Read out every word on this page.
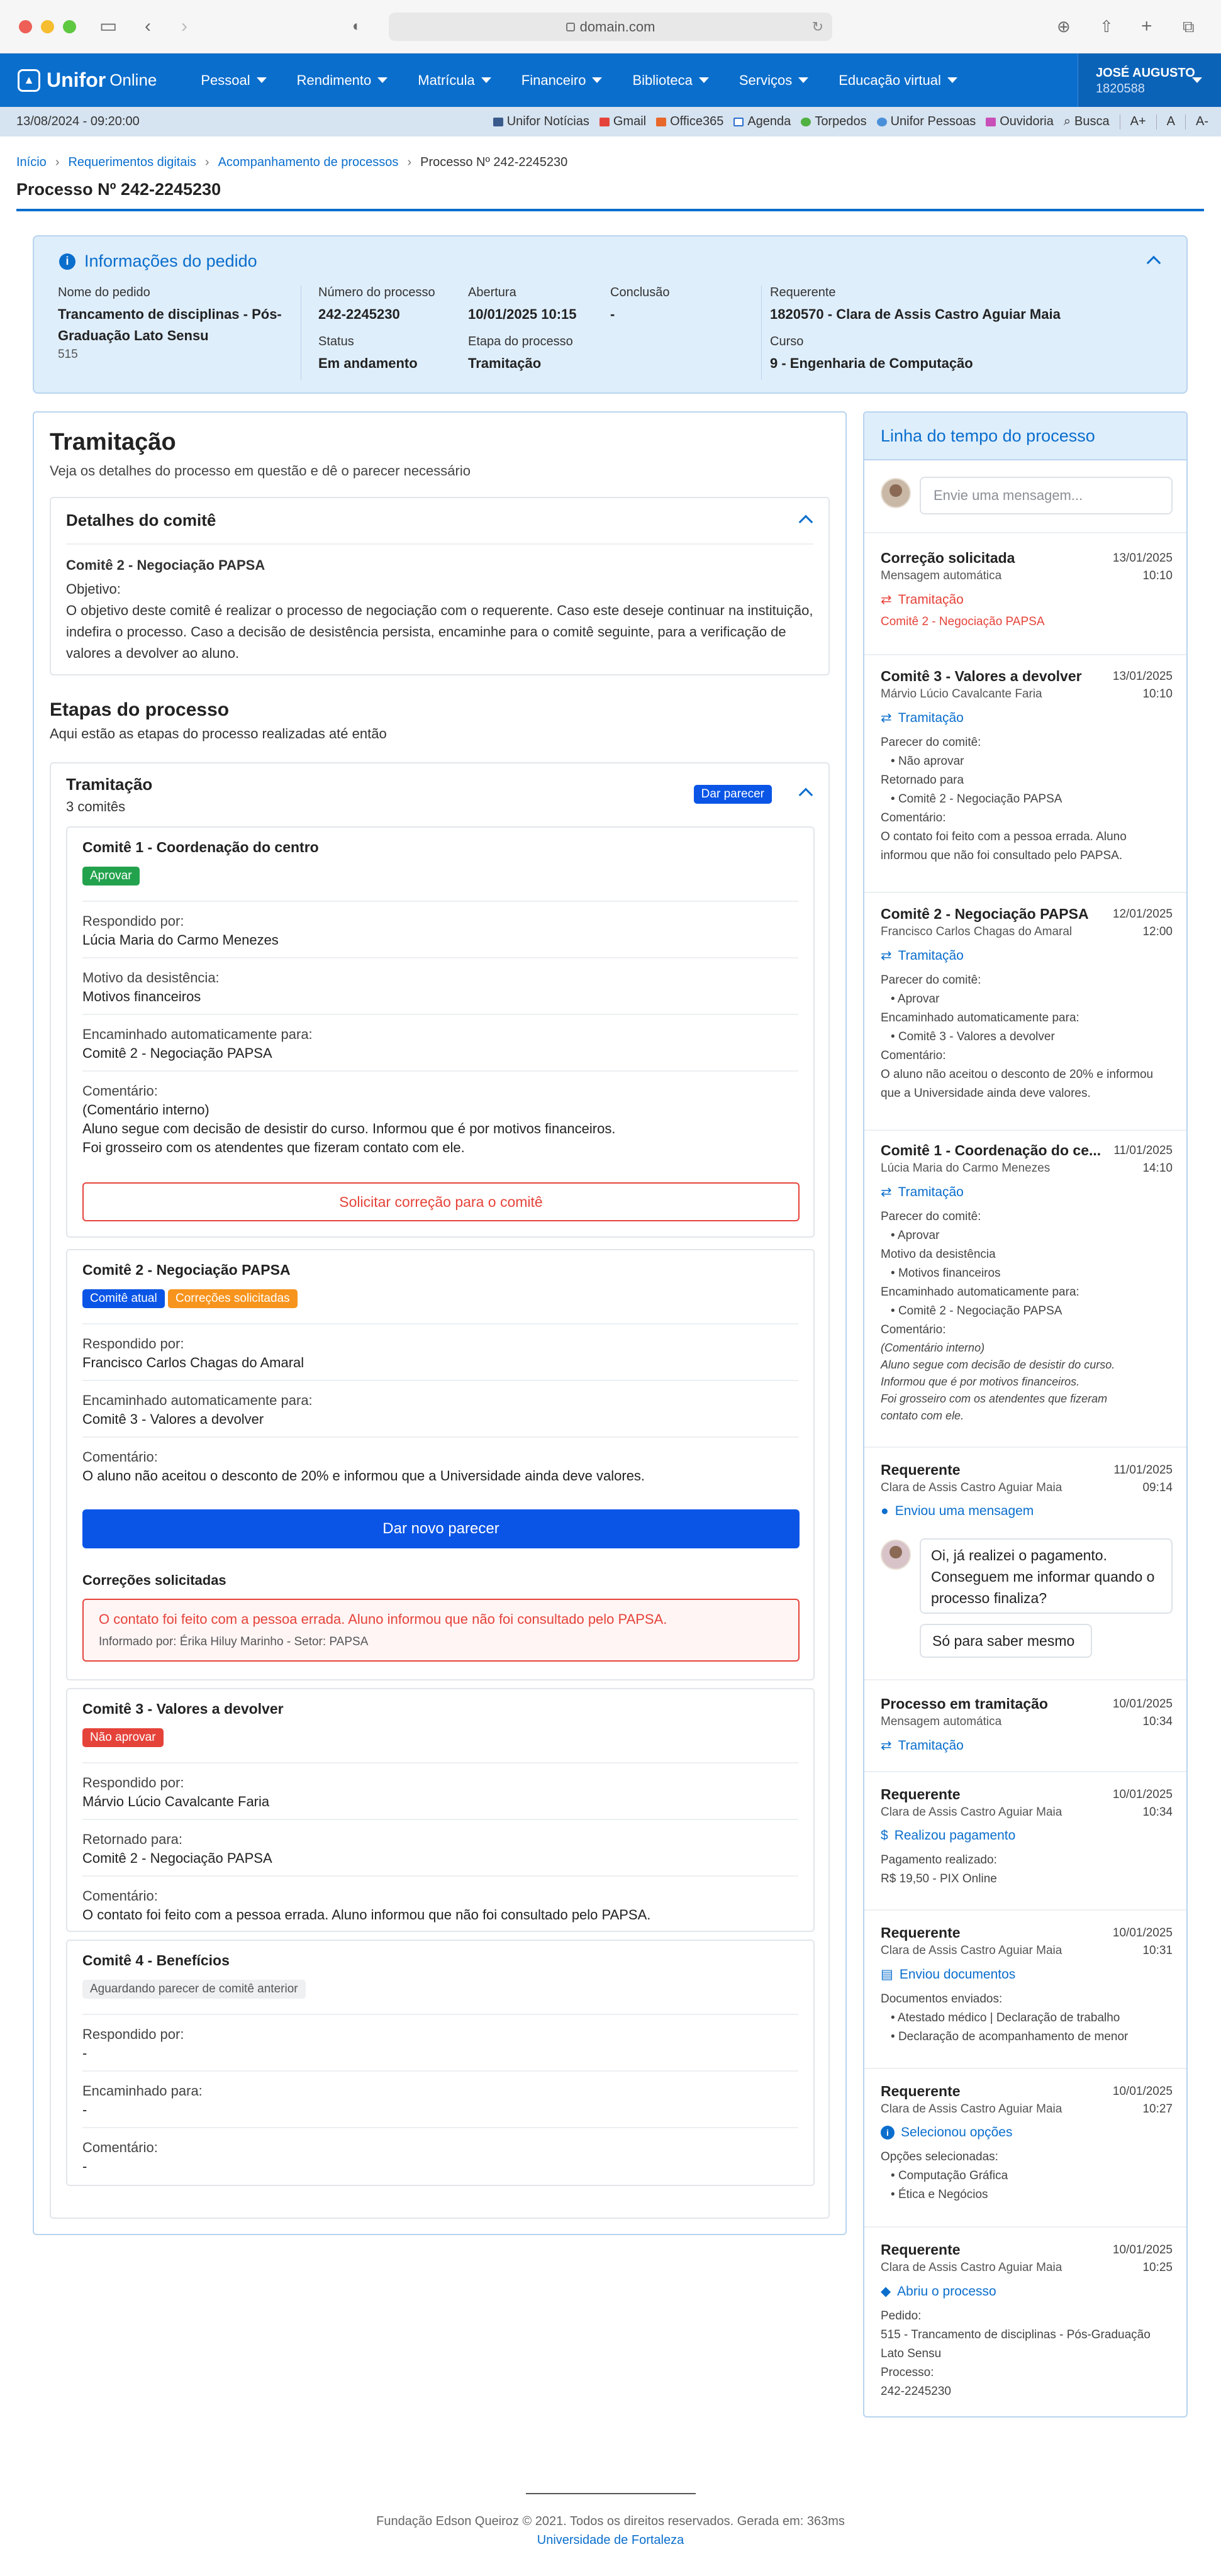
▭ ‹ ›	◐	domain.com	↻	⊕ ⇧ + ⧉
▲ Unifor Online	Pessoal	Rendimento	Matrícula	Financeiro	Biblioteca	Serviços	Educação virtual	JOSÉ AUGUSTO
1820588
13/08/2024 - 09:20:00	Unifor Notícias Gmail Office365 Agenda Torpedos Unifor Pessoas Ouvidoria ⌕ Busca A+ A A-
Início › Requerimentos digitais › Acompanhamento de processos › Processo Nº 242-2245230
Processo Nº 242-2245230
i Informações do pedido
Nome do pedido
Trancamento de disciplinas - Pós-Graduação Lato Sensu
515
Número do processo
242-2245230
Abertura
10/01/2025 10:15
Conclusão
-
Status
Em andamento
Etapa do processo
Tramitação
Requerente
1820570 - Clara de Assis Castro Aguiar Maia
Curso
9 - Engenharia de Computação
Tramitação
Veja os detalhes do processo em questão e dê o parecer necessário
Detalhes do comitê
Comitê 2 - Negociação PAPSA
Objetivo:
O objetivo deste comitê é realizar o processo de negociação com o requerente. Caso este deseje continuar na instituição, indefira o processo. Caso a decisão de desistência persista, encaminhe para o comitê seguinte, para a verificação de valores a devolver ao aluno.
Etapas do processo
Aqui estão as etapas do processo realizadas até então
Tramitação
3 comitês
Dar parecer
Comitê 1 - Coordenação do centro
Aprovar
Respondido por:
Lúcia Maria do Carmo Menezes
Motivo da desistência:
Motivos financeiros
Encaminhado automaticamente para:
Comitê 2 - Negociação PAPSA
Comentário:
(Comentário interno)
Aluno segue com decisão de desistir do curso. Informou que é por motivos financeiros.
Foi grosseiro com os atendentes que fizeram contato com ele.
Solicitar correção para o comitê
Comitê 2 - Negociação PAPSA
Comitê atual	Correções solicitadas
Respondido por:
Francisco Carlos Chagas do Amaral
Encaminhado automaticamente para:
Comitê 3 - Valores a devolver
Comentário:
O aluno não aceitou o desconto de 20% e informou que a Universidade ainda deve valores.
Dar novo parecer
Correções solicitadas
O contato foi feito com a pessoa errada. Aluno informou que não foi consultado pelo PAPSA.
Informado por: Érika Hiluy Marinho - Setor: PAPSA
Comitê 3 - Valores a devolver
Não aprovar
Respondido por:
Márvio Lúcio Cavalcante Faria
Retornado para:
Comitê 2 - Negociação PAPSA
Comentário:
O contato foi feito com a pessoa errada. Aluno informou que não foi consultado pelo PAPSA.
Comitê 4 - Benefícios
Aguardando parecer de comitê anterior
Respondido por:
-
Encaminhado para:
-
Comentário:
-
Linha do tempo do processo
Envie uma mensagem...
Correção solicitada
Mensagem automática
13/01/2025
10:10
⇄ Tramitação
Comitê 2 - Negociação PAPSA
Comitê 3 - Valores a devolver
Márvio Lúcio Cavalcante Faria
13/01/2025
10:10
⇄ Tramitação
Parecer do comitê:
• Não aprovar
Retornado para
• Comitê 2 - Negociação PAPSA
Comentário:
O contato foi feito com a pessoa errada. Aluno informou que não foi consultado pelo PAPSA.
Comitê 2 - Negociação PAPSA
Francisco Carlos Chagas do Amaral
12/01/2025
12:00
⇄ Tramitação
Parecer do comitê:
• Aprovar
Encaminhado automaticamente para:
• Comitê 3 - Valores a devolver
Comentário:
O aluno não aceitou o desconto de 20% e informou que a Universidade ainda deve valores.
Comitê 1 - Coordenação do ce...
Lúcia Maria do Carmo Menezes
11/01/2025
14:10
⇄ Tramitação
Parecer do comitê:
• Aprovar
Motivo da desistência
• Motivos financeiros
Encaminhado automaticamente para:
• Comitê 2 - Negociação PAPSA
Comentário:
(Comentário interno)
Aluno segue com decisão de desistir do curso.
Informou que é por motivos financeiros.
Foi grosseiro com os atendentes que fizeram
contato com ele.
Requerente
Clara de Assis Castro Aguiar Maia
11/01/2025
09:14
● Enviou uma mensagem
Oi, já realizei o pagamento. Conseguem me informar quando o processo finaliza?
Só para saber mesmo
Processo em tramitação
Mensagem automática
10/01/2025
10:34
⇄ Tramitação
Requerente
Clara de Assis Castro Aguiar Maia
10/01/2025
10:34
$ Realizou pagamento
Pagamento realizado:
R$ 19,50 - PIX Online
Requerente
Clara de Assis Castro Aguiar Maia
10/01/2025
10:31
▤ Enviou documentos
Documentos enviados:
• Atestado médico | Declaração de trabalho
• Declaração de acompanhamento de menor
Requerente
Clara de Assis Castro Aguiar Maia
10/01/2025
10:27
i Selecionou opções
Opções selecionadas:
• Computação Gráfica
• Ética e Negócios
Requerente
Clara de Assis Castro Aguiar Maia
10/01/2025
10:25
◆ Abriu o processo
Pedido:
515 - Trancamento de disciplinas - Pós-Graduação Lato Sensu
Processo:
242-2245230
Fundação Edson Queiroz © 2021. Todos os direitos reservados. Gerada em: 363ms
Universidade de Fortaleza
